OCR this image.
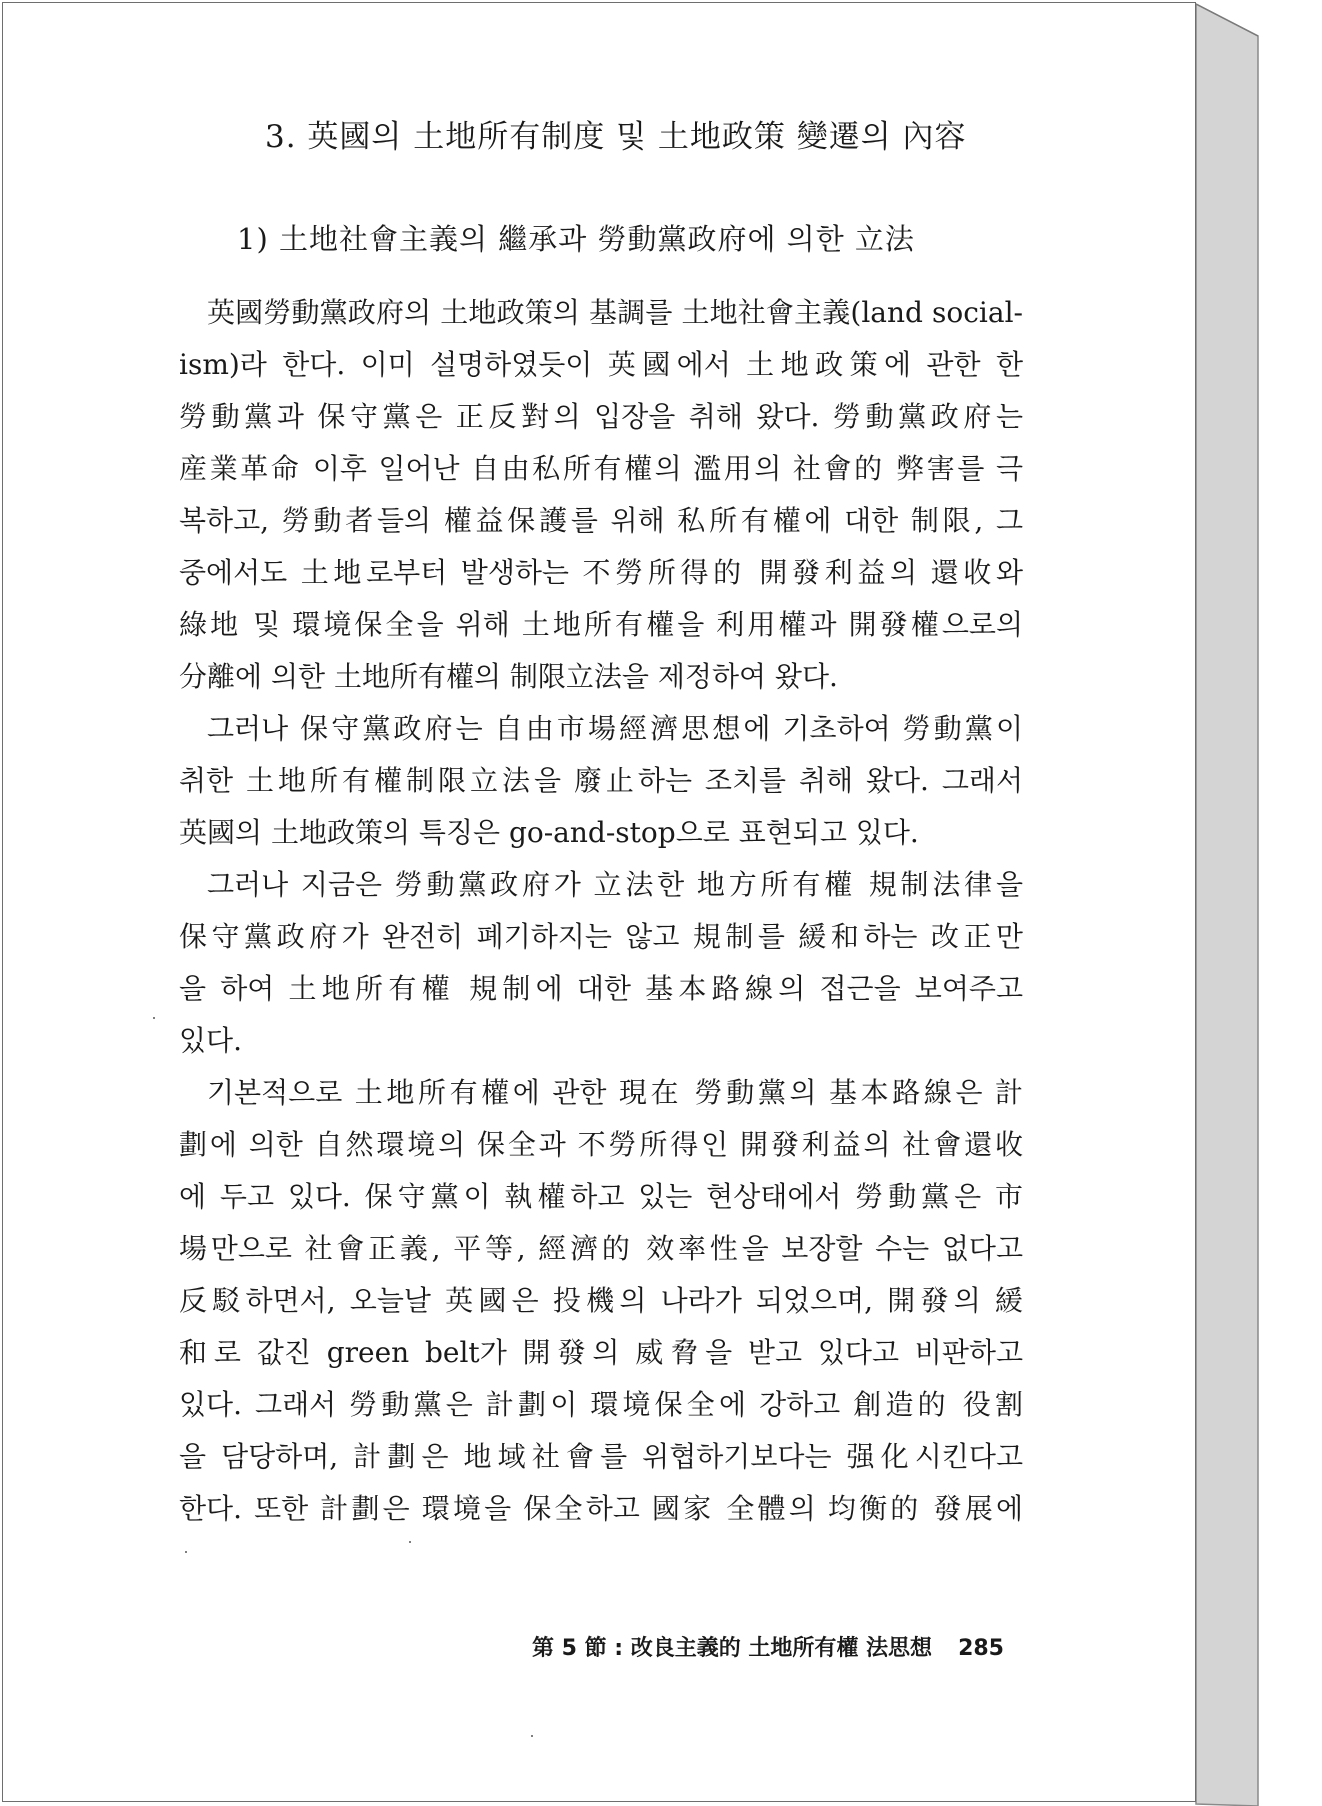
3. 英國의 土地所有制度 및 土地政策 變遷의 內容
1) 土地社會主義의 繼承과 勞動黨政府에 의한 立法
英國勞動黨政府의 土地政策의 基調를 土地社會主義(land social-
ism)라 한다. 이미 설명하였듯이 英國에서 土地政策에 관한 한
勞動黨과 保守黨은 正反對의 입장을 취해 왔다. 勞動黨政府는
産業革命 이후 일어난 自由私所有權의 濫用의 社會的 弊害를 극
복하고, 勞動者들의 權益保護를 위해 私所有權에 대한 制限, 그
중에서도 土地로부터 발생하는 不勞所得的 開發利益의 還收와
綠地 및 環境保全을 위해 土地所有權을 利用權과 開發權으로의
分離에 의한 土地所有權의 制限立法을 제정하여 왔다.
그러나 保守黨政府는 自由市場經濟思想에 기초하여 勞動黨이
취한 土地所有權制限立法을 廢止하는 조치를 취해 왔다. 그래서
英國의 土地政策의 특징은 go-and-stop으로 표현되고 있다.
그러나 지금은 勞動黨政府가 立法한 地方所有權 規制法律을
保守黨政府가 완전히 폐기하지는 않고 規制를 緩和하는 改正만
을 하여 土地所有權 規制에 대한 基本路線의 접근을 보여주고
있다.
기본적으로 土地所有權에 관한 現在 勞動黨의 基本路線은 計
劃에 의한 自然環境의 保全과 不勞所得인 開發利益의 社會還收
에 두고 있다. 保守黨이 執權하고 있는 현상태에서 勞動黨은 市
場만으로 社會正義, 平等, 經濟的 效率性을 보장할 수는 없다고
反駁하면서, 오늘날 英國은 投機의 나라가 되었으며, 開發의 緩
和로 값진 green belt가 開發의 威脅을 받고 있다고 비판하고
있다. 그래서 勞動黨은 計劃이 環境保全에 강하고 創造的 役割
을 담당하며, 計劃은 地域社會를 위협하기보다는 强化시킨다고
한다. 또한 計劃은 環境을 保全하고 國家 全體의 均衡的 發展에
第 5 節 : 改良主義的 土地所有權 法思想 285
